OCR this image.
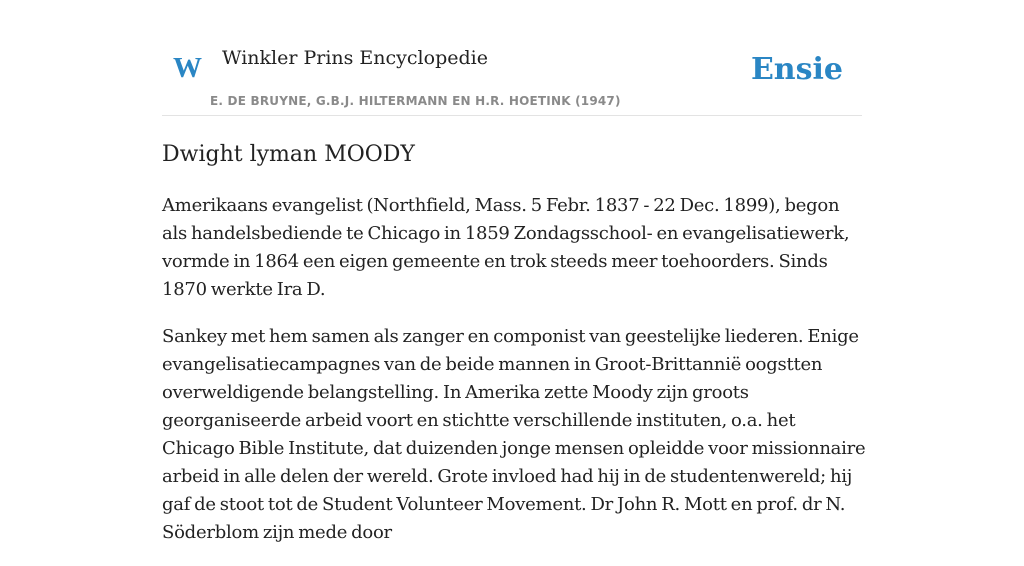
W Winkler Prins Encyclopedie
E. DE BRUYNE, G.B.J. HILTERMANN EN H.R. HOETINK (1947)
Ensie
Dwight lyman MOODY

Amerikaans evangelist (Northfield, Mass. 5 Febr. 1837 - 22 Dec. 1899), begon als handelsbediende te Chicago in 1859 Zondagsschool- en evangelisatiewerk, vormde in 1864 een eigen gemeente en trok steeds meer toehoorders. Sinds 1870 werkte Ira D.

Sankey met hem samen als zanger en componist van geestelijke liederen. Enige evangelisatiecampagnes van de beide mannen in Groot-Brittannië oogstten overweldigende belangstelling. In Amerika zette Moody zijn groots georganiseerde arbeid voort en stichtte verschillende instituten, o.a. het Chicago Bible Institute, dat duizenden jonge mensen opleidde voor missionnaire arbeid in alle delen der wereld. Grote invloed had hij in de studentenwereld; hij gaf de stoot tot de Student Volunteer Movement. Dr John R. Mott en prof. dr N. Söderblom zijn mede door
